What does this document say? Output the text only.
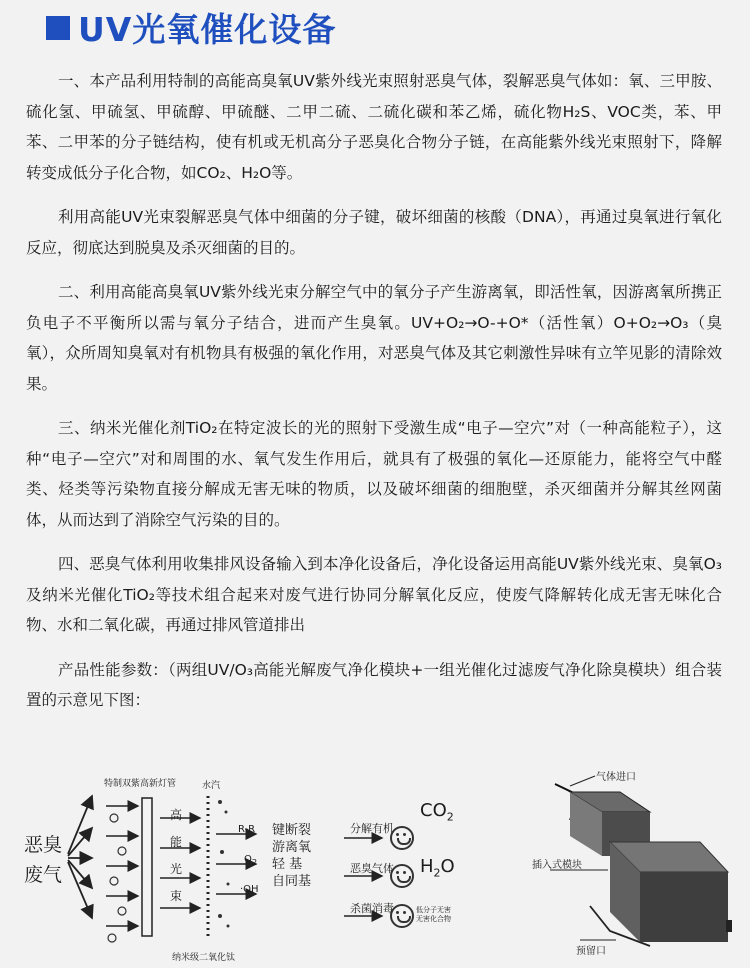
UV光氧催化设备

一、本产品利用特制的高能高臭氧UV紫外线光束照射恶臭气体，裂解恶臭气体如：氧、三甲胺、硫化氢、甲硫氢、甲硫醇、甲硫醚、二甲二硫、二硫化碳和苯乙烯，硫化物H₂S、VOC类，苯、甲苯、二甲苯的分子链结构，使有机或无机高分子恶臭化合物分子链，在高能紫外线光束照射下，降解转变成低分子化合物，如CO₂、H₂O等。

利用高能UV光束裂解恶臭气体中细菌的分子键，破坏细菌的核酸（DNA），再通过臭氧进行氧化反应，彻底达到脱臭及杀灭细菌的目的。

二、利用高能高臭氧UV紫外线光束分解空气中的氧分子产生游离氧，即活性氧，因游离氧所携正负电子不平衡所以需与氧分子结合，进而产生臭氧。UV+O₂→O-+O*（活性氧）O+O₂→O₃（臭氧），众所周知臭氧对有机物具有极强的氧化作用，对恶臭气体及其它刺激性异味有立竿见影的清除效果。

三、纳米光催化剂TiO₂在特定波长的光的照射下受激生成“电子—空穴”对（一种高能粒子），这种“电子—空穴”对和周围的水、氧气发生作用后，就具有了极强的氧化—还原能力，能将空气中醛类、烃类等污染物直接分解成无害无味的物质，以及破坏细菌的细胞壁，杀灭细菌并分解其丝网菌体，从而达到了消除空气污染的目的。

四、恶臭气体利用收集排风设备输入到本净化设备后，净化设备运用高能UV紫外线光束、臭氧O₃及纳米光催化TiO₂等技术组合起来对废气进行协同分解氧化反应，使废气降解转化成无害无味化合物、水和二氧化碳，再通过排风管道排出

产品性能参数：（两组UV/O₃高能光解废气净化模块+一组光催化过滤废气净化除臭模块）组合装置的示意见下图：

恶臭
废气
特制双紫高新灯管	水汽
高
能
光
束
纳米级二氧化钛
R-R
$O_2$
·OH
键断裂
游离氧
轻 基
自同基
分解有机
恶臭气体
杀菌消毒
$CO_2$
$H_2O$
低分子无害
无害化合物
气体进口
插入式模块
预留口
